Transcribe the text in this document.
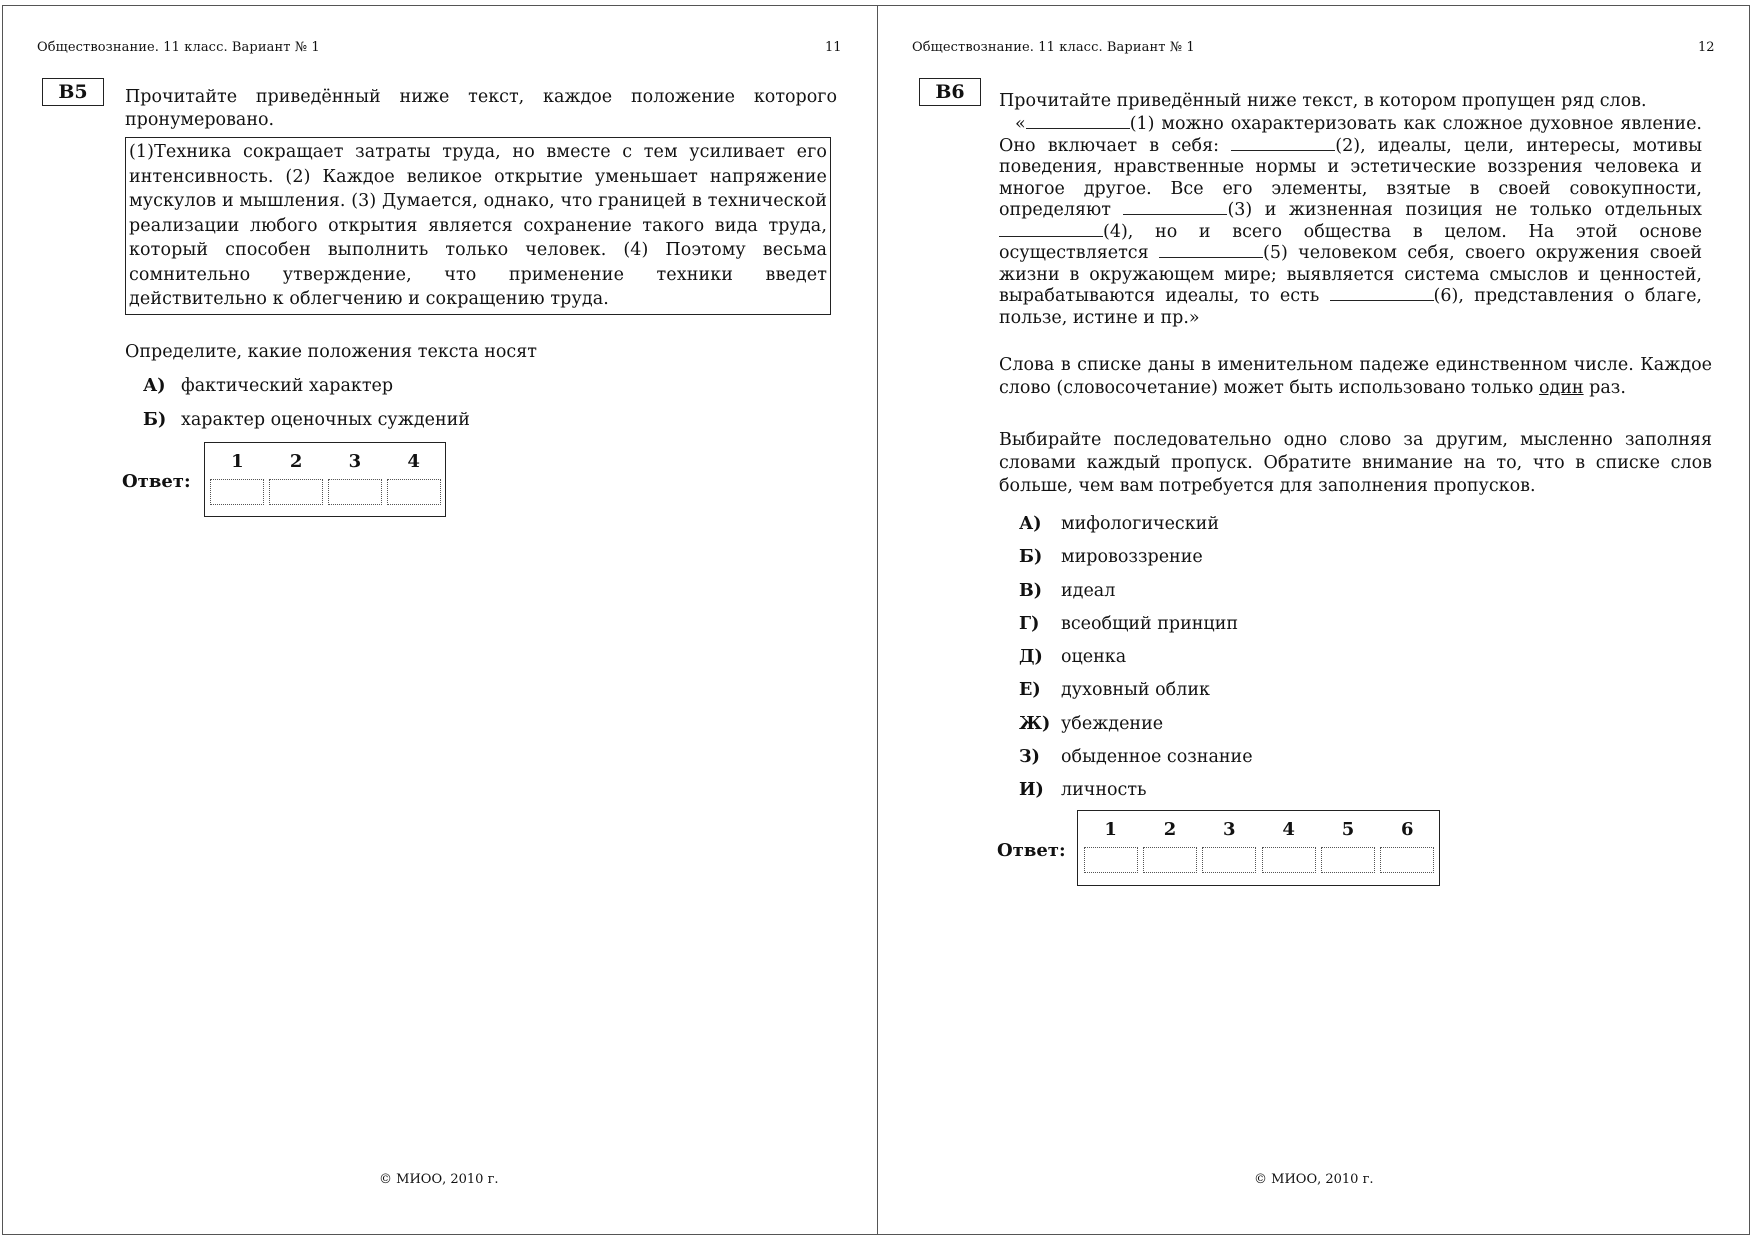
Обществознание. 11 класс. Вариант № 1	11
В5	Прочитайте приведённый ниже текст, каждое положение которого пронумеровано.
(1)Техника сокращает затраты труда, но вместе с тем усиливает его интенсивность. (2) Каждое великое открытие уменьшает напряжение мускулов и мышления. (3) Думается, однако, что границей в технической реализации любого открытия является сохранение такого вида труда, который способен выполнить только человек. (4) Поэтому весьма сомнительно утверждение, что применение техники введет действительно к облегчению и сокращению труда.
Определите, какие положения текста носят
А) фактический характер
Б) характер оценочных суждений
Ответ:
1	2	3	4
© МИОО, 2010 г.
Обществознание. 11 класс. Вариант № 1	12
В6	Прочитайте приведённый ниже текст, в котором пропущен ряд слов.
«	(1) можно охарактеризовать как сложное духовное явление. Оно включает в себя:	(2), идеалы, цели, интересы, мотивы поведения, нравственные нормы и эстетические воззрения человека и многое другое. Все его элементы, взятые в своей совокупности, определяют	(3) и жизненная позиция не только отдельных (4), но и всего общества в целом. На этой основе осуществляется	(5) человеком себя, своего окружения своей жизни в окружающем мире; выявляется система смыслов и ценностей, вырабатываются идеалы, то есть	(6), представления о благе, пользе, истине и пр.»
Слова в списке даны в именительном падеже единственном числе. Каждое слово (словосочетание) может быть использовано только один раз.
Выбирайте последовательно одно слово за другим, мысленно заполняя словами каждый пропуск. Обратите внимание на то, что в списке слов больше, чем вам потребуется для заполнения пропусков.
А) мифологический
Б) мировоззрение
В) идеал
Г) всеобщий принцип
Д) оценка
Е) духовный облик
Ж) убеждение
З) обыденное сознание
И) личность
Ответ:
1	2	3	4	5	6
© МИОО, 2010 г.
